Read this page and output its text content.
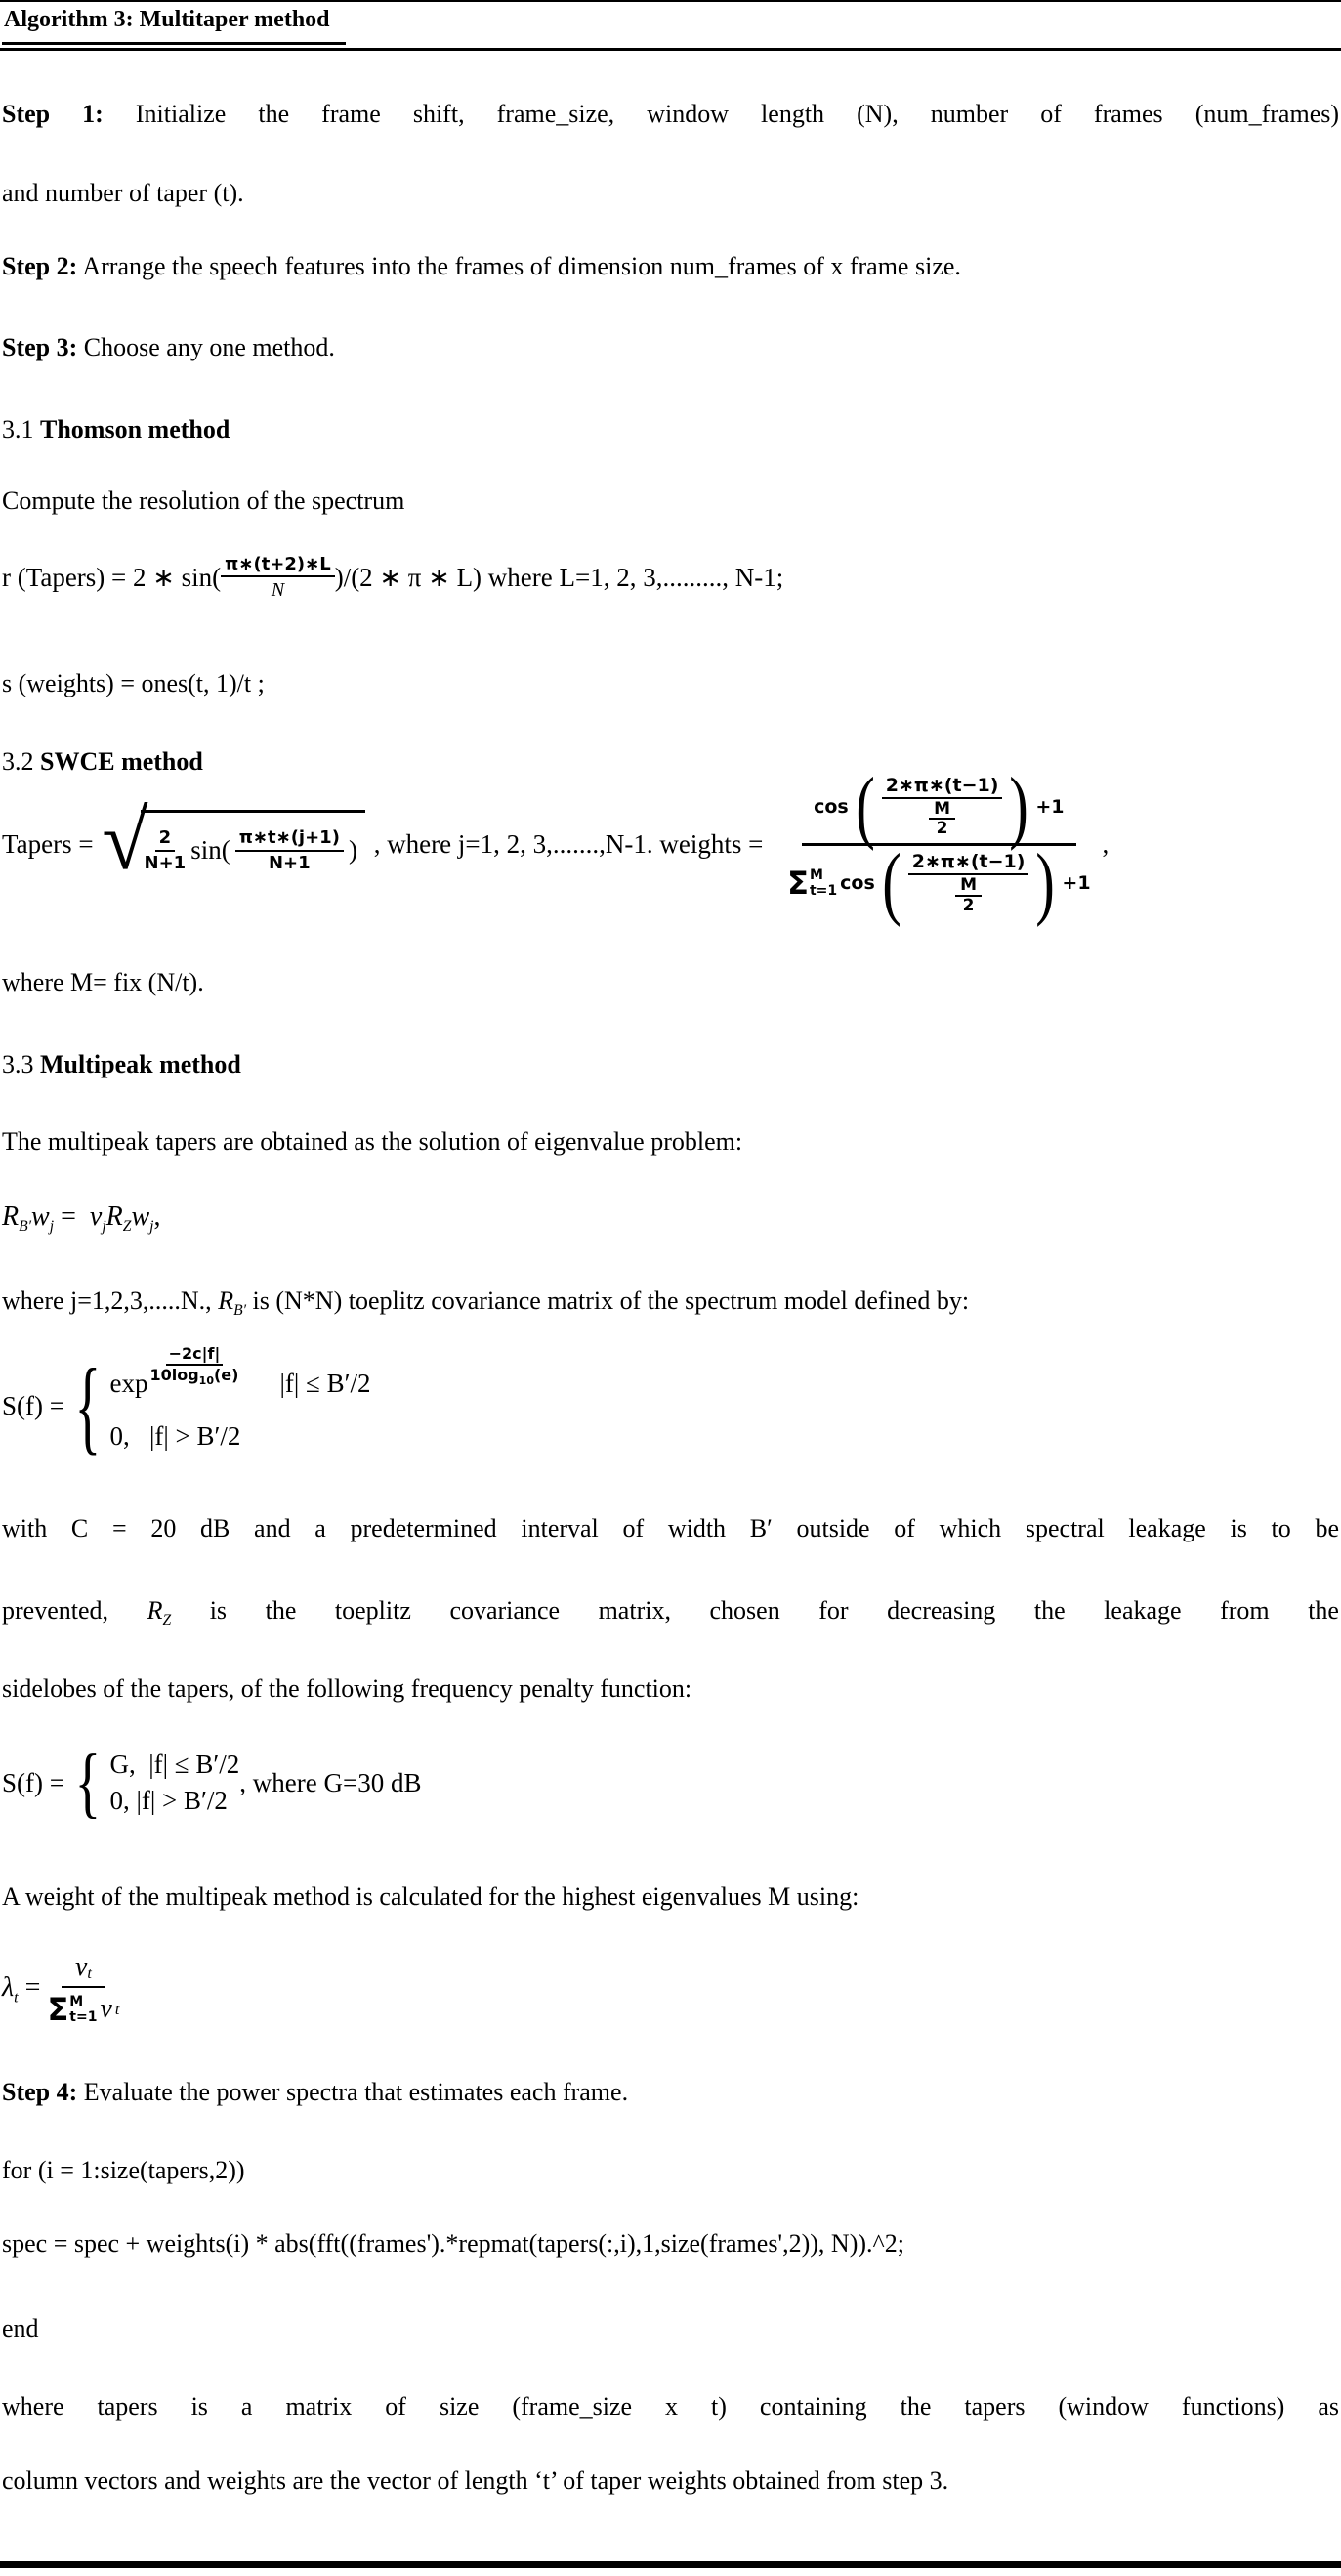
Algorithm 3: Multitaper method

Step 1: Initialize the frame shift, frame_size, window length (N), number of frames (num_frames)

and number of taper (t).

Step 2: Arrange the speech features into the frames of dimension num_frames of x frame size.

Step 3: Choose any one method.

3.1 Thomson method

Compute the resolution of the spectrum

r (Tapers) = 2 ∗ $\sin( \frac{\pi∗(t+2)∗L}{N} )/(2$ ∗ π ∗ L) where L=1, 2, 3,........., N-1;

s (weights) = ones(t, 1)/t ;

3.2 SWCE method

Tapers = √
$\frac{2}{N+1} \sin( \frac{\pi∗t∗(j+1)}{N+1}$ ) , where j=1, 2, 3,.......,N-1. weights =
cos ( $\frac{2∗\pi∗(t-1)}{\frac{M}{2}}$ ) +1
Σ M
t=1 cos ( $\frac{2∗\pi∗(t-1)}{\frac{M}{2}}$ ) +1
,

where M= fix (N/t).

3.3 Multipeak method

The multipeak tapers are obtained as the solution of eigenvalue problem:

$R_{B'}w_j = v_jR_Zw_j$,

where j=1,2,3,.....N., $R_{B'}$ is (N*N) toeplitz covariance matrix of the spectrum model defined by:

S(f) = { $\exp \frac{-2c|f|}{10\log_{10}(e)} |f| \le B'/2$
0,   |f| > B′/2

with C = 20 dB and a predetermined interval of width B′ outside of which spectral leakage is to be

prevented, $R_Z$ is the toeplitz covariance matrix, chosen for decreasing the leakage from the

sidelobes of the tapers, of the following frequency penalty function:

S(f) = { G,  |f| ≤ B′/2
0, |f| > B′/2
, where G=30 dB

A weight of the multipeak method is calculated for the highest eigenvalues M using:

$\lambda_t$ =
$v_t$
Σ M
t=1 v t

Step 4: Evaluate the power spectra that estimates each frame.

for (i = 1:size(tapers,2))

spec = spec + weights(i) * abs(fft((frames').*repmat(tapers(:,i),1,size(frames',2)), N)).^2;

end

where tapers is a matrix of size (frame_size x t) containing the tapers (window functions) as

column vectors and weights are the vector of length ‘t’ of taper weights obtained from step 3.
